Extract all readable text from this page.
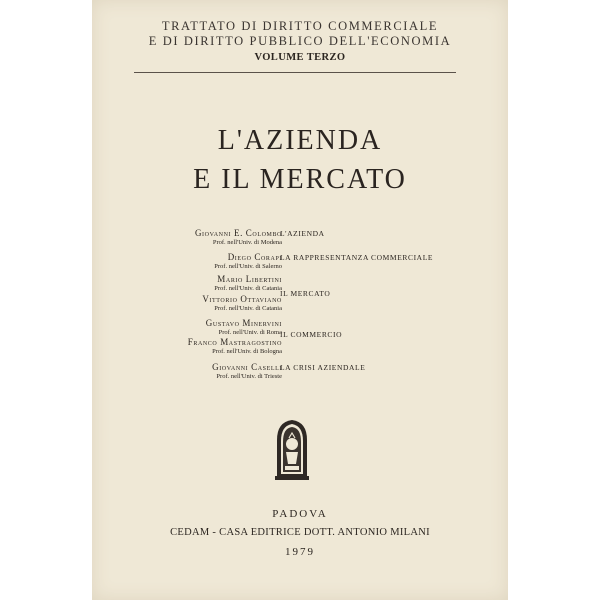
TRATTATO DI DIRITTO COMMERCIALE
E DI DIRITTO PUBBLICO DELL'ECONOMIA
VOLUME TERZO
L'AZIENDA
E IL MERCATO
Giovanni E. Colombo
Prof. nell'Univ. di Modena
Diego Corapi
Prof. nell'Univ. di Salerno
Mario Libertini
Prof. nell'Univ. di Catania
Vittorio Ottaviano
Prof. nell'Univ. di Catania
Gustavo Minervini
Prof. nell'Univ. di Roma
Franco Mastragostino
Prof. nell'Univ. di Bologna
Giovanni Caselli
Prof. nell'Univ. di Trieste
L'AZIENDA
LA RAPPRESENTANZA COMMERCIALE
IL MERCATO
IL COMMERCIO
LA CRISI AZIENDALE
PADOVA
CEDAM - CASA EDITRICE DOTT. ANTONIO MILANI
1979
